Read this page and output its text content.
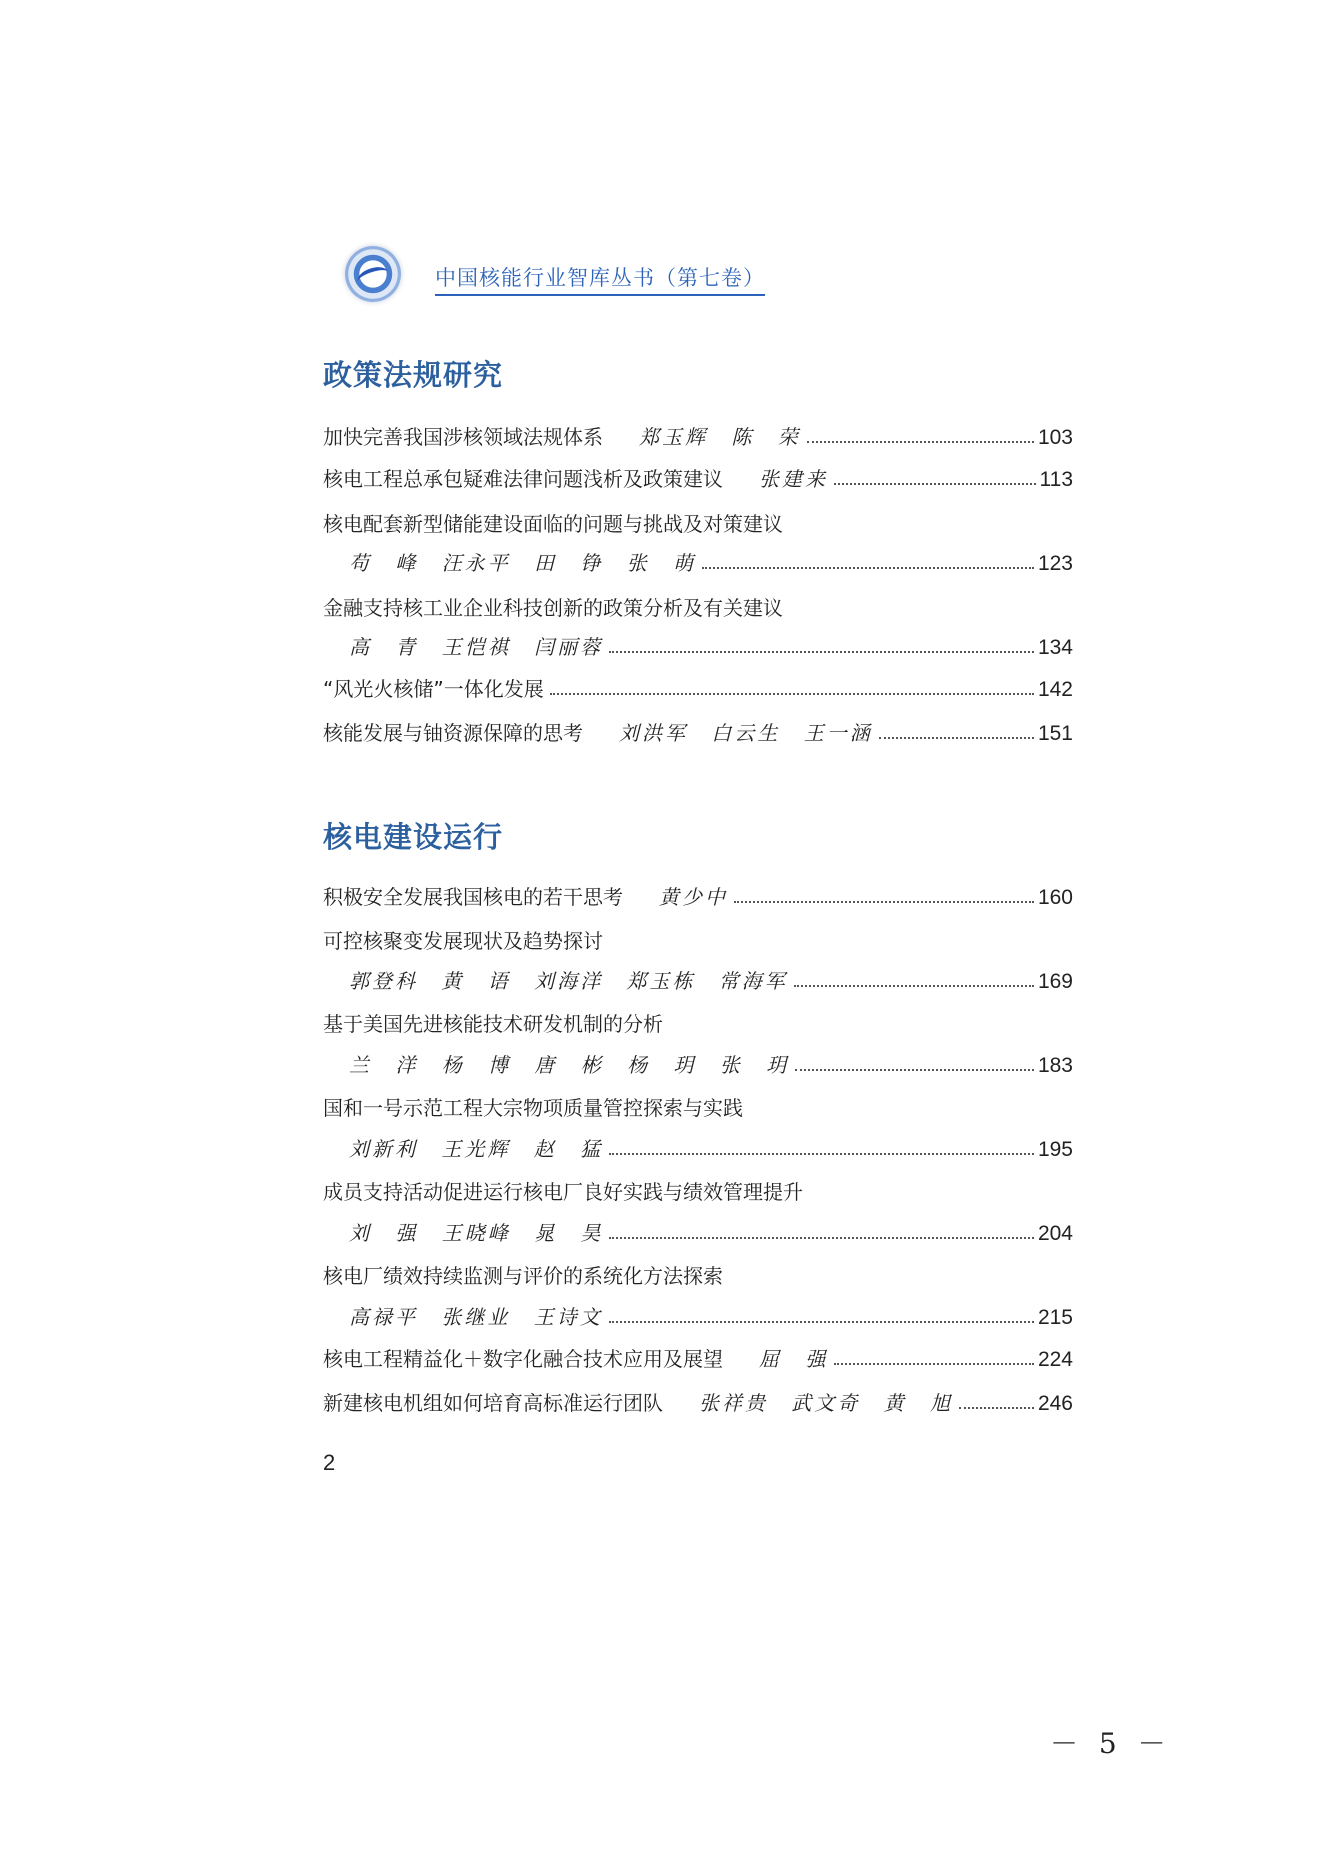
中国核能行业智库丛书（第七卷）
政策法规研究
加快完善我国涉核领域法规体系 郑玉辉 陈 荣	103
核电工程总承包疑难法律问题浅析及政策建议 张建来	113
核电配套新型储能建设面临的问题与挑战及对策建议
苟 峰 汪永平 田 铮 张 萌	123
金融支持核工业企业科技创新的政策分析及有关建议
高 青 王恺祺 闫丽蓉	134
“风光火核储”一体化发展	142
核能发展与铀资源保障的思考 刘洪军 白云生 王一涵	151
核电建设运行
积极安全发展我国核电的若干思考 黄少中	160
可控核聚变发展现状及趋势探讨
郭登科 黄 语 刘海洋 郑玉栋 常海军	169
基于美国先进核能技术研发机制的分析
兰 洋 杨 博 唐 彬 杨 玥 张 玥	183
国和一号示范工程大宗物项质量管控探索与实践
刘新利 王光辉 赵 猛	195
成员支持活动促进运行核电厂良好实践与绩效管理提升
刘 强 王晓峰 晁 昊	204
核电厂绩效持续监测与评价的系统化方法探索
高禄平 张继业 王诗文	215
核电工程精益化＋数字化融合技术应用及展望 屈 强	224
新建核电机组如何培育高标准运行团队 张祥贵 武文奇 黄 旭	246
2
－ 5 －
